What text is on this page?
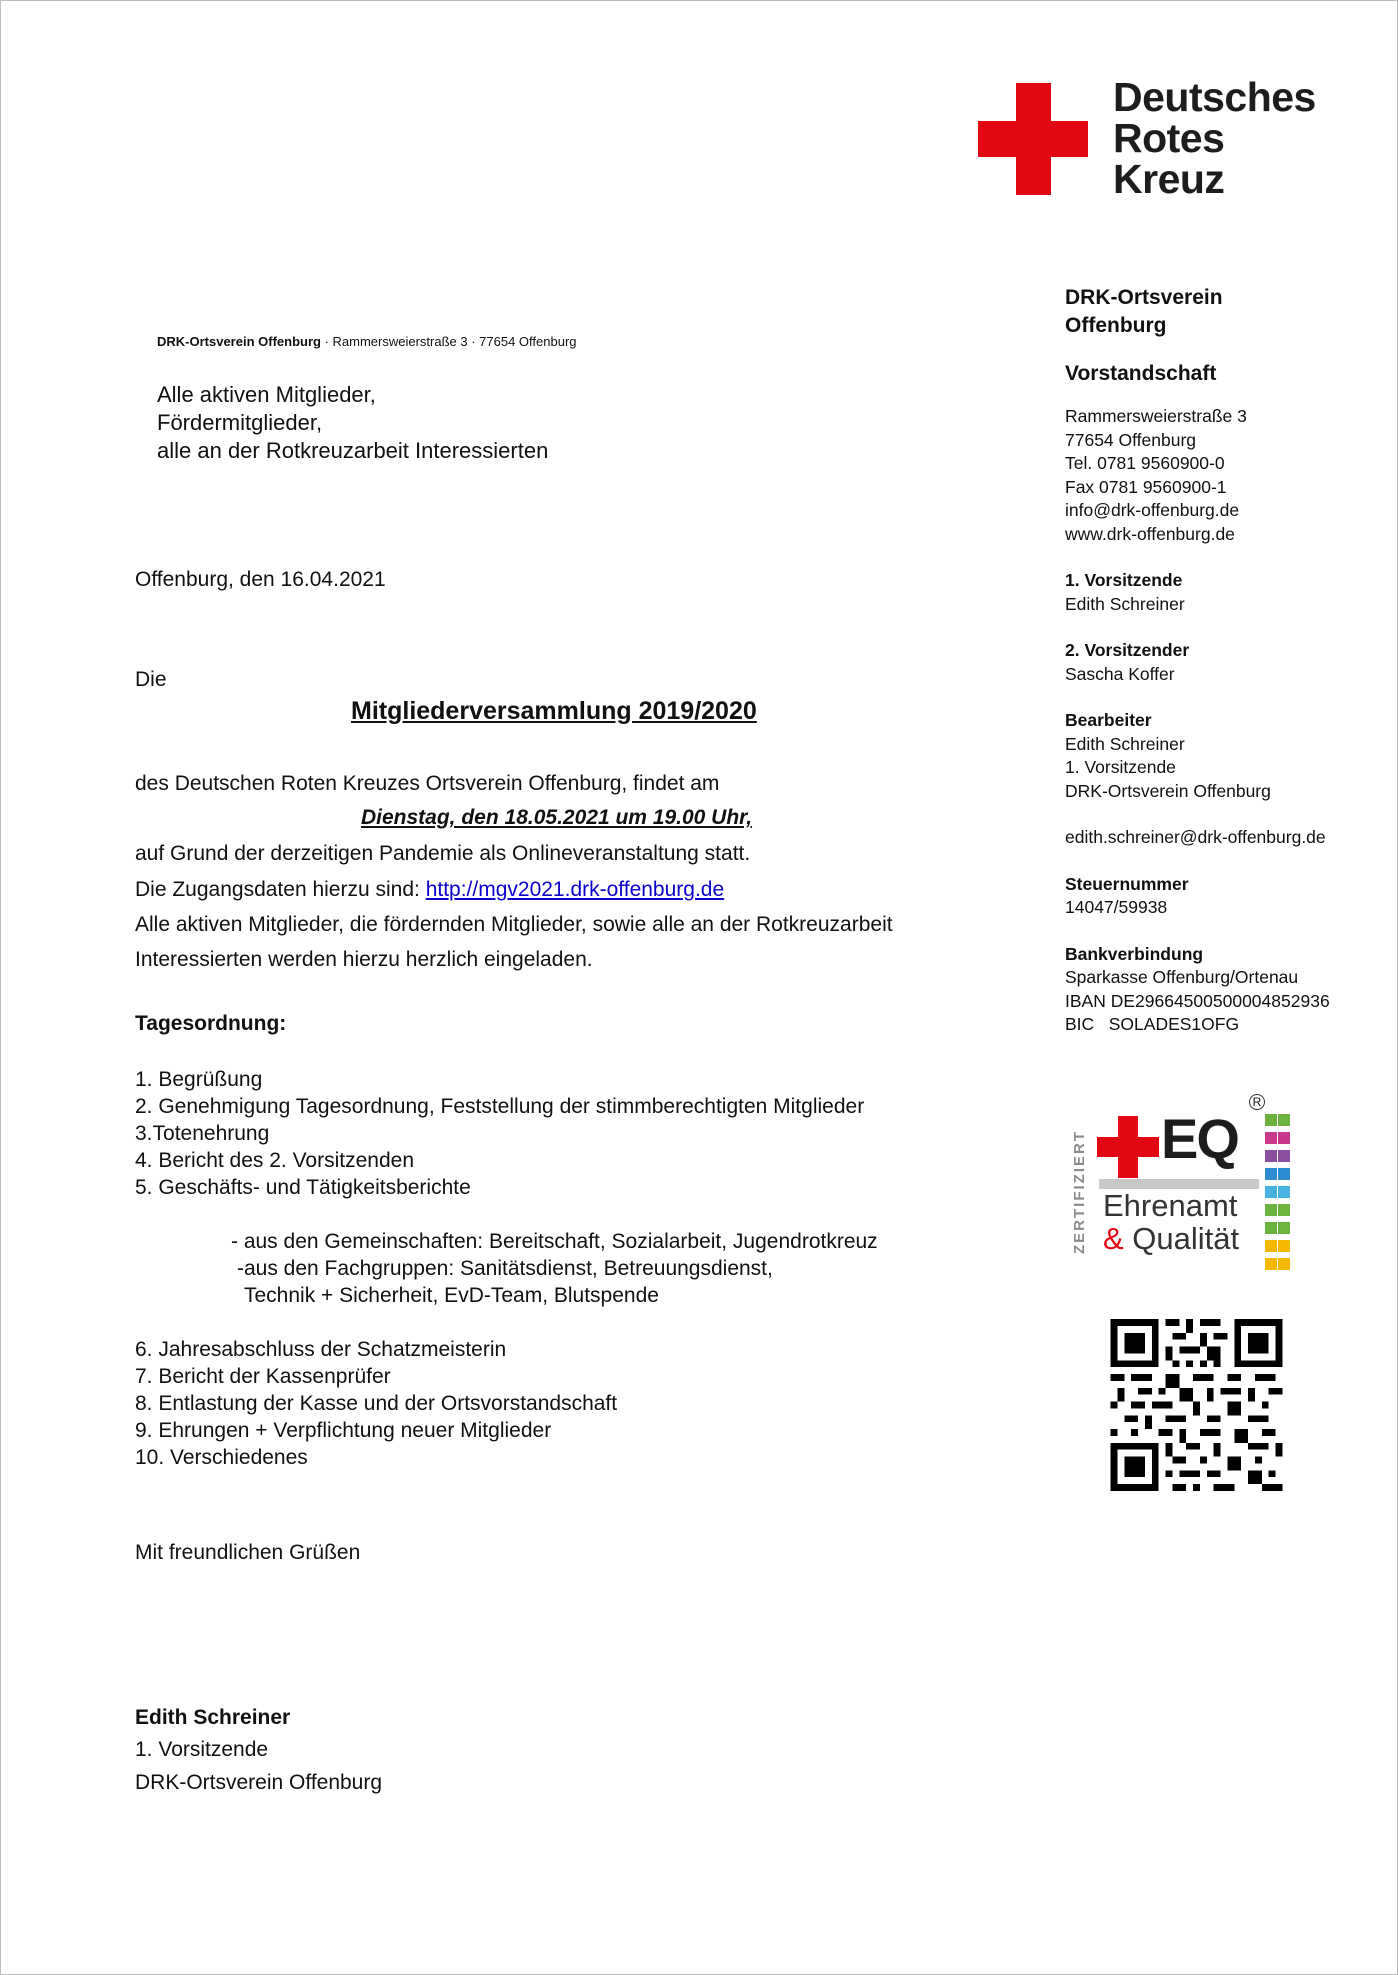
Deutsches
Rotes
Kreuz
DRK-Ortsverein Offenburg · Rammersweierstraße 3 · 77654 Offenburg
Alle aktiven Mitglieder,
Fördermitglieder,
alle an der Rotkreuzarbeit Interessierten
Offenburg, den 16.04.2021
Die
Mitgliederversammlung 2019/2020
des Deutschen Roten Kreuzes Ortsverein Offenburg, findet am
Dienstag, den 18.05.2021 um 19.00 Uhr,
auf Grund der derzeitigen Pandemie als Onlineveranstaltung statt.
Die Zugangsdaten hierzu sind: http://mgv2021.drk-offenburg.de
Alle aktiven Mitglieder, die fördernden Mitglieder, sowie alle an der Rotkreuzarbeit
Interessierten werden hierzu herzlich eingeladen.
Tagesordnung:
1. Begrüßung
2. Genehmigung Tagesordnung, Feststellung der stimmberechtigten Mitglieder
3.Totenehrung
4. Bericht des 2. Vorsitzenden
5. Geschäfts- und Tätigkeitsberichte
- aus den Gemeinschaften: Bereitschaft, Sozialarbeit, Jugendrotkreuz
-aus den Fachgruppen: Sanitätsdienst, Betreuungsdienst,
Technik + Sicherheit, EvD-Team, Blutspende
6. Jahresabschluss der Schatzmeisterin
7. Bericht der Kassenprüfer
8. Entlastung der Kasse und der Ortsvorstandschaft
9. Ehrungen + Verpflichtung neuer Mitglieder
10. Verschiedenes
Mit freundlichen Grüßen
Edith Schreiner
1. Vorsitzende
DRK-Ortsverein Offenburg
DRK-Ortsverein
Offenburg
Vorstandschaft
Rammersweierstraße 3
77654 Offenburg
Tel. 0781 9560900-0
Fax 0781 9560900-1
info@drk-offenburg.de
www.drk-offenburg.de
1. Vorsitzende
Edith Schreiner
2. Vorsitzender
Sascha Koffer
Bearbeiter
Edith Schreiner
1. Vorsitzende
DRK-Ortsverein Offenburg
edith.schreiner@drk-offenburg.de
Steuernummer
14047/59938
Bankverbindung
Sparkasse Offenburg/Ortenau
IBAN DE29664500500004852936
BIC   SOLADES1OFG
ZERTIFIZIERT EQ
R
Ehrenamt
& Qualität
